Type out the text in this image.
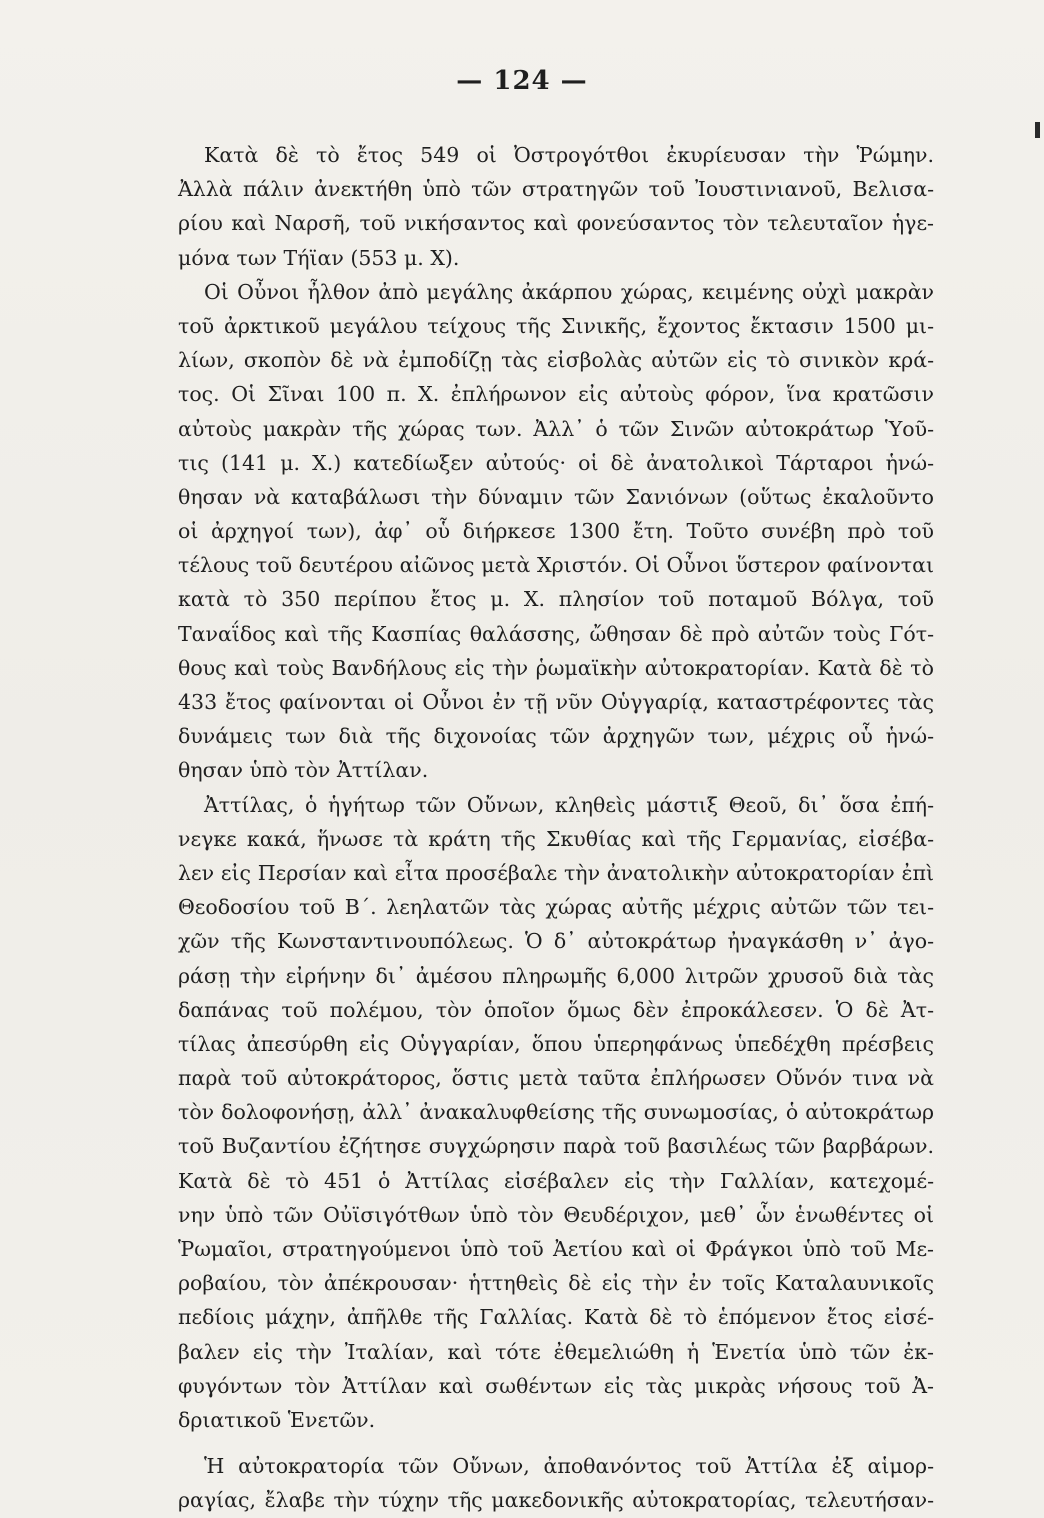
— 124 —
Κατὰ δὲ τὸ ἔτος 549 οἱ Ὀστρογότθοι ἐκυρίευσαν τὴν Ῥώμην.
Ἀλλὰ πάλιν ἀνεκτήθη ὑπὸ τῶν στρατηγῶν τοῦ Ἰουστινιανοῦ, Βελισα-
ρίου καὶ Ναρσῆ, τοῦ νικήσαντος καὶ φονεύσαντος τὸν τελευταῖον ἡγε-
μόνα των Τήϊαν (553 μ. Χ).
Οἱ Οὖνοι ἦλθον ἀπὸ μεγάλης ἀκάρπου χώρας, κειμένης οὐχὶ μακρὰν
τοῦ ἀρκτικοῦ μεγάλου τείχους τῆς Σινικῆς, ἔχοντος ἔκτασιν 1500 μι-
λίων, σκοπὸν δὲ νὰ ἐμποδίζῃ τὰς εἰσβολὰς αὐτῶν εἰς τὸ σινικὸν κρά-
τος. Οἱ Σῖναι 100 π. Χ. ἐπλήρωνον εἰς αὐτοὺς φόρον, ἵνα κρατῶσιν
αὐτοὺς μακρὰν τῆς χώρας των. Ἀλλ᾽ ὁ τῶν Σινῶν αὐτοκράτωρ Ὑοῦ-
τις (141 μ. Χ.) κατεδίωξεν αὐτούς· οἱ δὲ ἀνατολικοὶ Τάρταροι ἡνώ-
θησαν νὰ καταβάλωσι τὴν δύναμιν τῶν Σανιόνων (οὕτως ἐκαλοῦντο
οἱ ἀρχηγοί των), ἀφ᾽ οὗ διήρκεσε 1300 ἔτη. Τοῦτο συνέβη πρὸ τοῦ
τέλους τοῦ δευτέρου αἰῶνος μετὰ Χριστόν. Οἱ Οὖνοι ὕστερον φαίνονται
κατὰ τὸ 350 περίπου ἔτος μ. Χ. πλησίον τοῦ ποταμοῦ Βόλγα, τοῦ
Ταναΐδος καὶ τῆς Κασπίας θαλάσσης, ὤθησαν δὲ πρὸ αὐτῶν τοὺς Γότ-
θους καὶ τοὺς Βανδήλους εἰς τὴν ῥωμαϊκὴν αὐτοκρατορίαν. Κατὰ δὲ τὸ
433 ἔτος φαίνονται οἱ Οὖνοι ἐν τῇ νῦν Οὑγγαρίᾳ, καταστρέφοντες τὰς
δυνάμεις των διὰ τῆς διχονοίας τῶν ἀρχηγῶν των, μέχρις οὗ ἡνώ-
θησαν ὑπὸ τὸν Ἀττίλαν.
Ἀττίλας, ὁ ἡγήτωρ τῶν Οὔνων, κληθεὶς μάστιξ Θεοῦ, δι᾽ ὅσα ἐπή-
νεγκε κακά, ἥνωσε τὰ κράτη τῆς Σκυθίας καὶ τῆς Γερμανίας, εἰσέβα-
λεν εἰς Περσίαν καὶ εἶτα προσέβαλε τὴν ἀνατολικὴν αὐτοκρατορίαν ἐπὶ
Θεοδοσίου τοῦ Β΄. λεηλατῶν τὰς χώρας αὐτῆς μέχρις αὐτῶν τῶν τει-
χῶν τῆς Κωνσταντινουπόλεως. Ὁ δ᾽ αὐτοκράτωρ ἠναγκάσθη ν᾽ ἀγο-
ράσῃ τὴν εἰρήνην δι᾽ ἀμέσου πληρωμῆς 6,000 λιτρῶν χρυσοῦ διὰ τὰς
δαπάνας τοῦ πολέμου, τὸν ὁποῖον ὅμως δὲν ἐπροκάλεσεν. Ὁ δὲ Ἀτ-
τίλας ἀπεσύρθη εἰς Οὑγγαρίαν, ὅπου ὑπερηφάνως ὑπεδέχθη πρέσβεις
παρὰ τοῦ αὐτοκράτορος, ὅστις μετὰ ταῦτα ἐπλήρωσεν Οὔνόν τινα νὰ
τὸν δολοφονήσῃ, ἀλλ᾽ ἀνακαλυφθείσης τῆς συνωμοσίας, ὁ αὐτοκράτωρ
τοῦ Βυζαντίου ἐζήτησε συγχώρησιν παρὰ τοῦ βασιλέως τῶν βαρβάρων.
Κατὰ δὲ τὸ 451 ὁ Ἀττίλας εἰσέβαλεν εἰς τὴν Γαλλίαν, κατεχομέ-
νην ὑπὸ τῶν Οὐϊσιγότθων ὑπὸ τὸν Θευδέριχον, μεθ᾽ ὧν ἑνωθέντες οἱ
Ῥωμαῖοι, στρατηγούμενοι ὑπὸ τοῦ Ἀετίου καὶ οἱ Φράγκοι ὑπὸ τοῦ Με-
ροβαίου, τὸν ἀπέκρουσαν· ἡττηθεὶς δὲ εἰς τὴν ἐν τοῖς Καταλαυνικοῖς
πεδίοις μάχην, ἀπῆλθε τῆς Γαλλίας. Κατὰ δὲ τὸ ἑπόμενον ἔτος εἰσέ-
βαλεν εἰς τὴν Ἰταλίαν, καὶ τότε ἐθεμελιώθη ἡ Ἑνετία ὑπὸ τῶν ἐκ-
φυγόντων τὸν Ἀττίλαν καὶ σωθέντων εἰς τὰς μικρὰς νήσους τοῦ Ἀ-
δριατικοῦ Ἑνετῶν.
Ἡ αὐτοκρατορία τῶν Οὔνων, ἀποθανόντος τοῦ Ἀττίλα ἐξ αἱμορ-
ραγίας, ἔλαβε τὴν τύχην τῆς μακεδονικῆς αὐτοκρατορίας, τελευτήσαν-
